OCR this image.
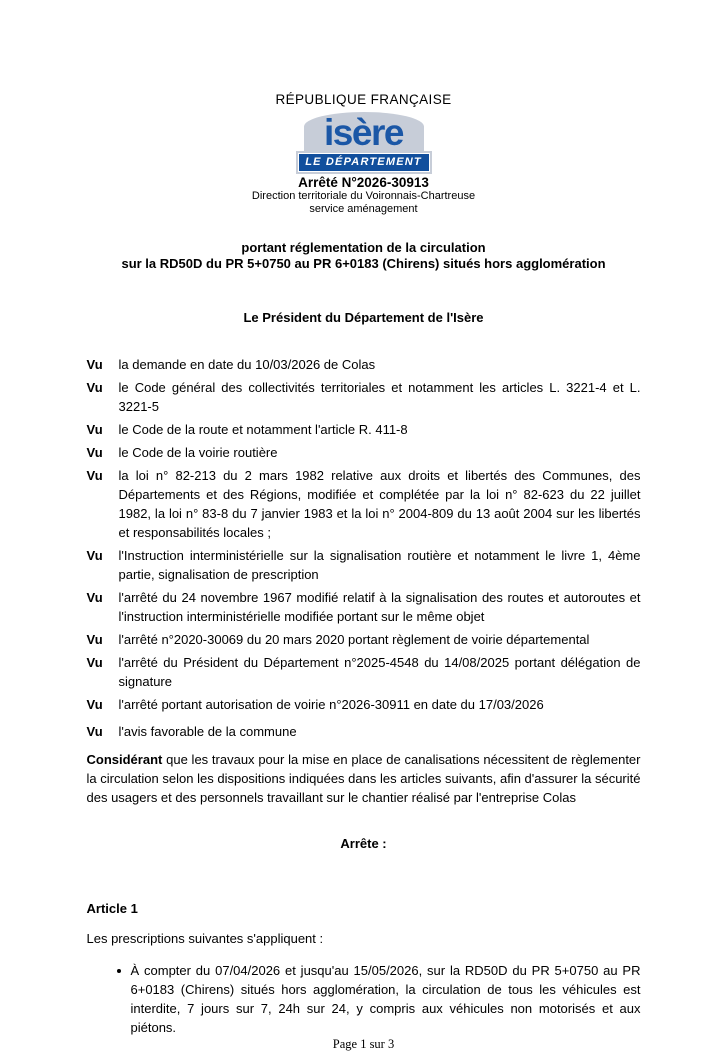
RÉPUBLIQUE FRANÇAISE
isère
LE DÉPARTEMENT
Arrêté N°2026-30913
Direction territoriale du Voironnais-Chartreuse
service aménagement
portant réglementation de la circulation
sur la RD50D du PR 5+0750 au PR 6+0183 (Chirens) situés hors agglomération
Le Président du Département de l'Isère
Vu	la demande en date du 10/03/2026 de Colas

Vu	le Code général des collectivités territoriales et notamment les articles L. 3221-4 et L. 3221-5

Vu	le Code de la route et notamment l'article R. 411-8

Vu	le Code de la voirie routière

Vu	la loi n° 82-213 du 2 mars 1982 relative aux droits et libertés des Communes, des Départements et des Régions, modifiée et complétée par la loi n° 82-623 du 22 juillet 1982, la loi n° 83-8 du 7 janvier 1983 et la loi n° 2004-809 du 13 août 2004 sur les libertés et responsabilités locales ;

Vu	l'Instruction interministérielle sur la signalisation routière et notamment le livre 1, 4ème partie, signalisation de prescription

Vu	l'arrêté du 24 novembre 1967 modifié relatif à la signalisation des routes et autoroutes et l'instruction interministérielle modifiée portant sur le même objet

Vu	l'arrêté n°2020-30069 du 20 mars 2020 portant règlement de voirie départemental

Vu	l'arrêté du Président du Département n°2025-4548 du 14/08/2025 portant délégation de signature

Vu	l'arrêté portant autorisation de voirie n°2026-30911 en date du 17/03/2026

Vu	l'avis favorable de la commune

Considérant que les travaux pour la mise en place de canalisations nécessitent de règlementer la circulation selon les dispositions indiquées dans les articles suivants, afin d'assurer la sécurité des usagers et des personnels travaillant sur le chantier réalisé par l'entreprise Colas

Arrête :
Article 1

Les prescriptions suivantes s'appliquent :

À compter du 07/04/2026 et jusqu'au 15/05/2026, sur la RD50D du PR 5+0750 au PR 6+0183 (Chirens) situés hors agglomération, la circulation de tous les véhicules est interdite, 7 jours sur 7, 24h sur 24, y compris aux véhicules non motorisés et aux piétons.
Page 1 sur 3
